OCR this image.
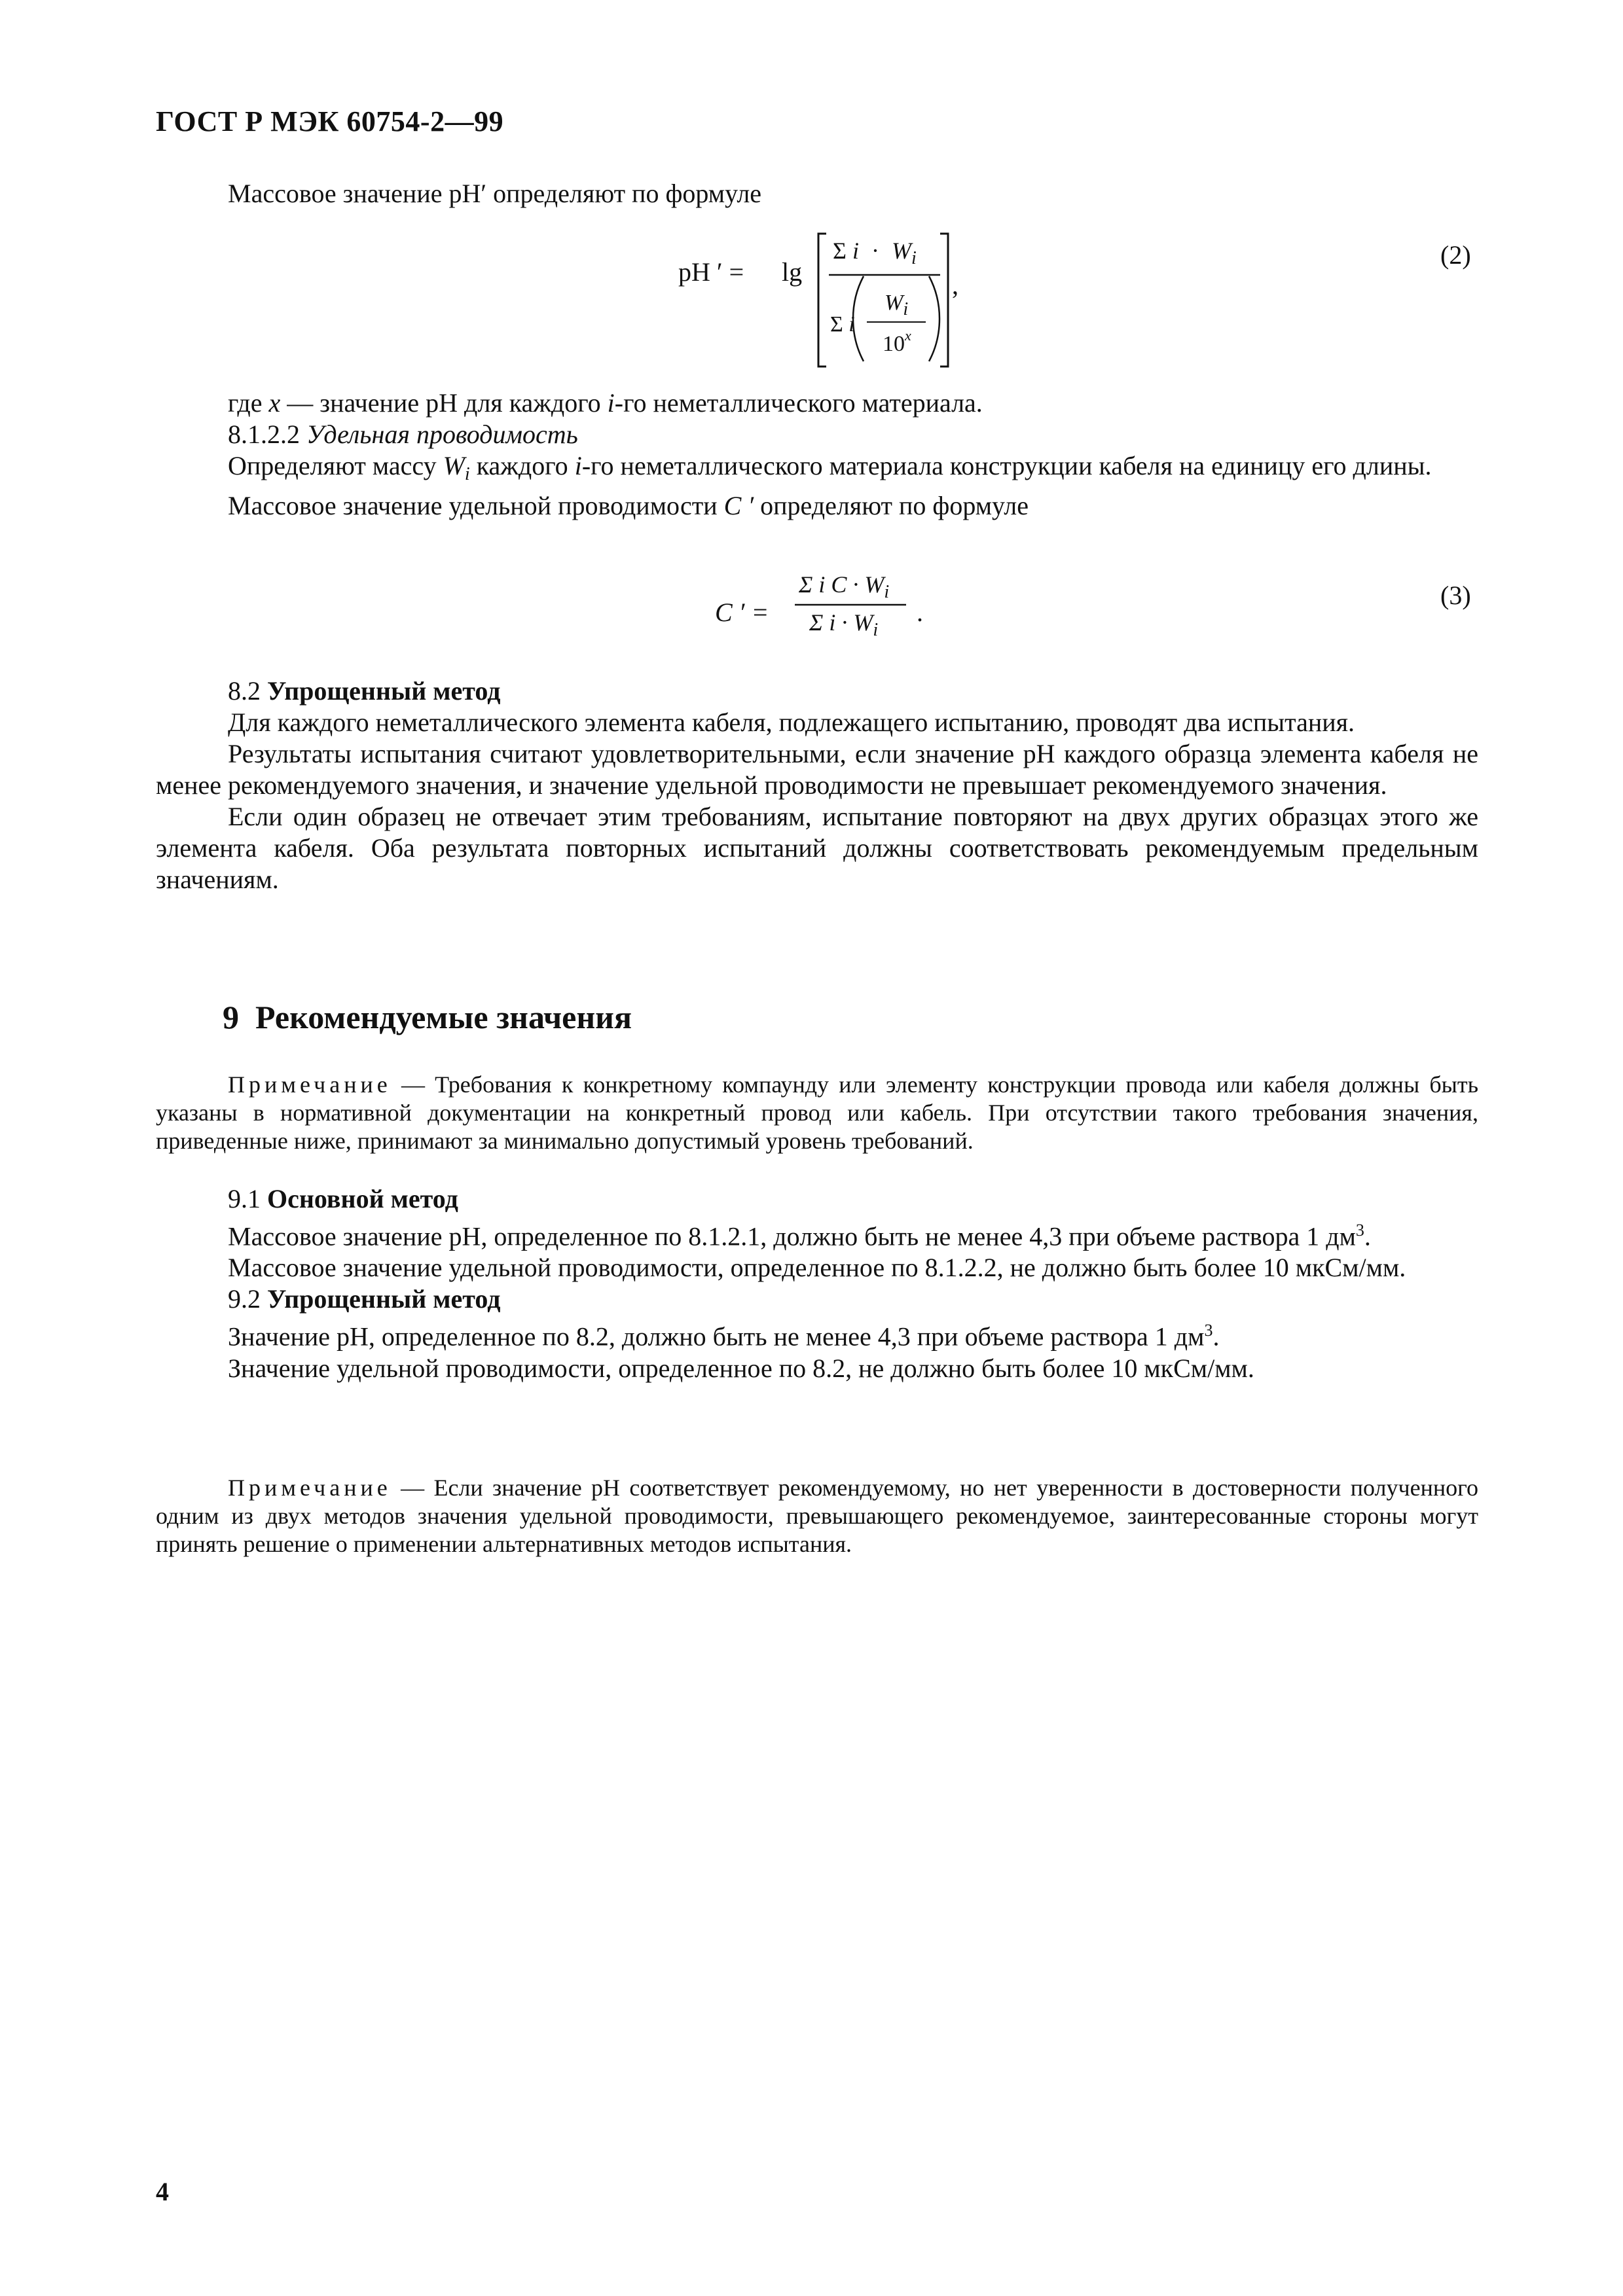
ГОСТ Р МЭК 60754-2—99
Массовое значение pH′ определяют по формуле
pH ′ = lg
Σ $i \cdot W_i$
Σ i
$W_i$
10$^x$
,
(2)
где x — значение pH для каждого i-го неметаллического материала.
8.1.2.2 Удельная проводимость
Определяют массу $W_i$ каждого i-го неметаллического материала конструкции кабеля на единицу его длины.
Массовое значение удельной проводимости C ′ определяют по формуле
C ′ =
Σ i $C \cdot W_i$
Σ $i \cdot W_i$
.
(3)
8.2 Упрощенный метод
Для каждого неметаллического элемента кабеля, подлежащего испытанию, проводят два испытания.
Результаты испытания считают удовлетворительными, если значение pH каждого образца элемента кабеля не менее рекомендуемого значения, и значение удельной проводимости не превышает рекомендуемого значения.
Если один образец не отвечает этим требованиям, испытание повторяют на двух других образцах этого же элемента кабеля. Оба результата повторных испытаний должны соответствовать рекомендуемым предельным значениям.
9 Рекомендуемые значения
Примечание — Требования к конкретному компаунду или элементу конструкции провода или кабеля должны быть указаны в нормативной документации на конкретный провод или кабель. При отсутствии такого требования значения, приведенные ниже, принимают за минимально допустимый уровень требований.
9.1 Основной метод
Массовое значение pH, определенное по 8.1.2.1, должно быть не менее 4,3 при объеме раствора 1 $дм^3$.
Массовое значение удельной проводимости, определенное по 8.1.2.2, не должно быть более 10 мкСм/мм.
9.2 Упрощенный метод
Значение pH, определенное по 8.2, должно быть не менее 4,3 при объеме раствора 1 $дм^3$.
Значение удельной проводимости, определенное по 8.2, не должно быть более 10 мкСм/мм.
Примечание — Если значение pH соответствует рекомендуемому, но нет уверенности в достоверности полученного одним из двух методов значения удельной проводимости, превышающего рекомендуемое, заинтересованные стороны могут принять решение о применении альтернативных методов испытания.
4
